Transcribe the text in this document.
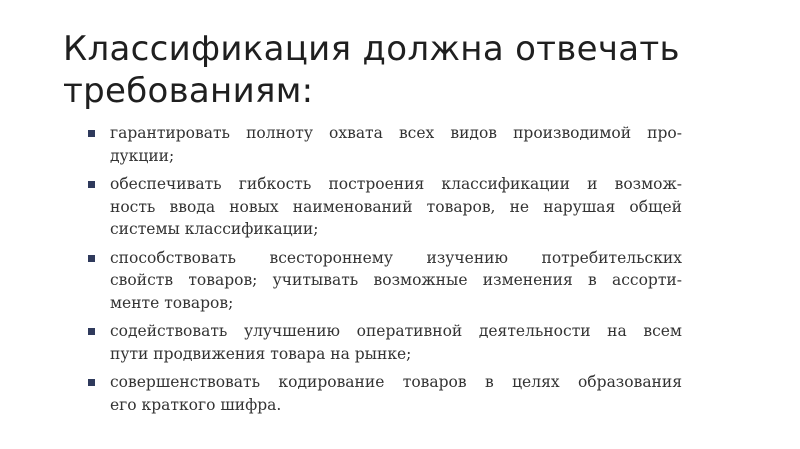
Классификация должна отвечать
требованиям:
гарантировать полноту охвата всех видов производимой про-
дукции;
обеспечивать гибкость построения классификации и возмож-
ность ввода новых наименований товаров, не нарушая общей
системы классификации;
способствовать всестороннему изучению потребительских
свойств товаров; учитывать возможные изменения в ассорти-
менте товаров;
содействовать улучшению оперативной деятельности на всем
пути продвижения товара на рынке;
совершенствовать кодирование товаров в целях образования
его краткого шифра.
